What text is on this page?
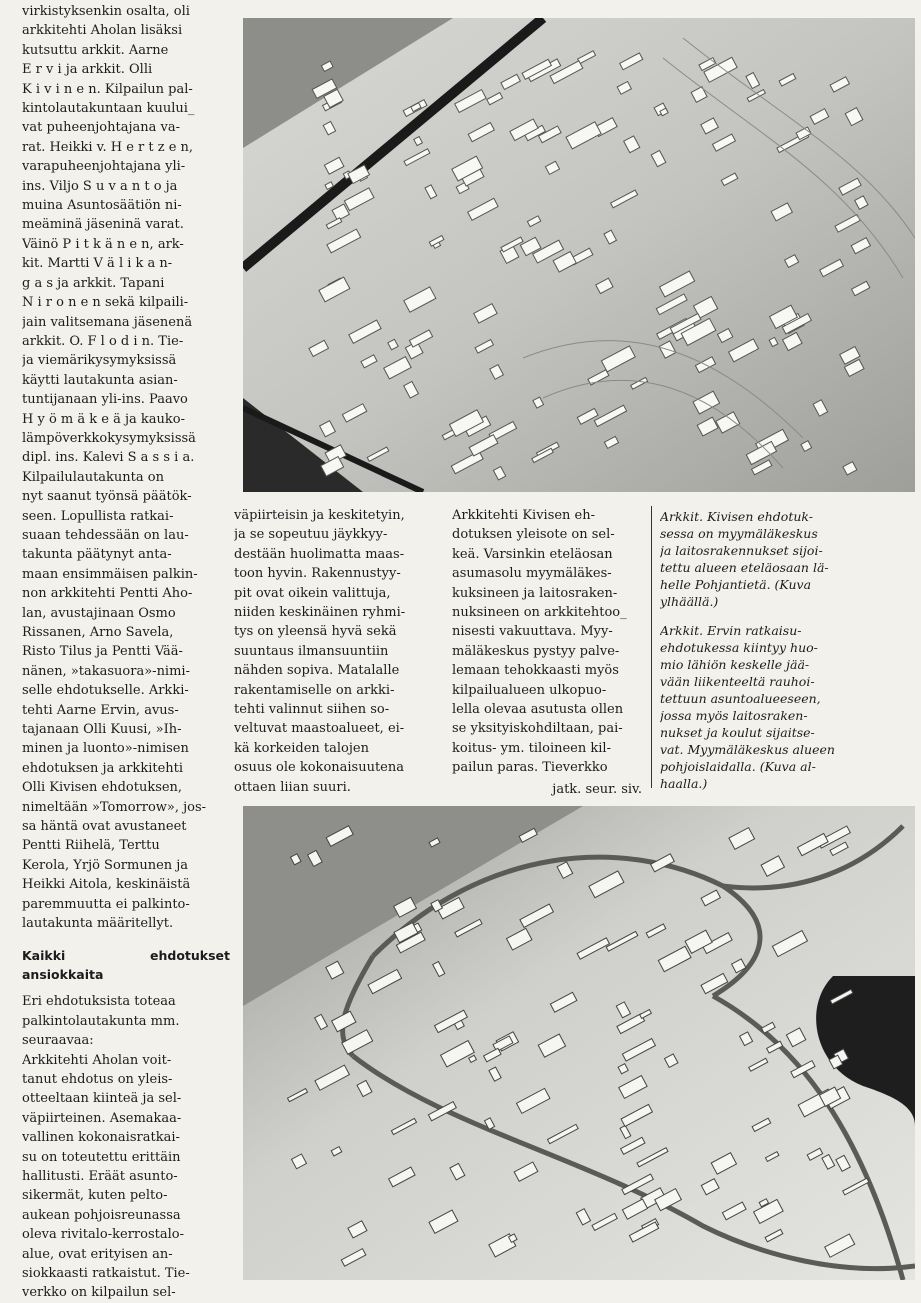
virkistyksenkin osalta, oli
arkkitehti Aholan lisäksi
kutsuttu arkkit. Aarne
E r v i ja arkkit. Olli
K i v i n e n. Kilpailun pal-
kintolautakuntaan kuului_
vat puheenjohtajana va-
rat. Heikki v. H e r t z e n,
varapuheenjohtajana yli-
ins. Viljo S u v a n t o ja
muina Asuntosäätiön ni-
meäminä jäseninä varat.
Väinö P i t k ä n e n, ark-
kit. Martti V ä l i k a n-
g a s ja arkkit. Tapani
N i r o n e n sekä kilpaili-
jain valitsemana jäsenenä
arkkit. O. F l o d i n. Tie-
ja viemärikysymyksissä
käytti lautakunta asian-
tuntijanaan yli-ins. Paavo
H y ö m ä k e ä ja kauko-
lämpöverkkokysymyksissä
dipl. ins. Kalevi S a s s i a.
Kilpailulautakunta on
nyt saanut työnsä päätök-
seen. Lopullista ratkai-
suaan tehdessään on lau-
takunta päätynyt anta-
maan ensimmäisen palkin-
non arkkitehti Pentti Aho-
lan, avustajinaan Osmo
Rissanen, Arno Savela,
Risto Tilus ja Pentti Vää-
nänen, »takasuora»-nimi-
selle ehdotukselle. Arkki-
tehti Aarne Ervin, avus-
tajanaan Olli Kuusi, »Ih-
minen ja luonto»-nimisen
ehdotuksen ja arkkitehti
Olli Kivisen ehdotuksen,
nimeltään »Tomorrow», jos-
sa häntä ovat avustaneet
Pentti Riihelä, Terttu
Kerola, Yrjö Sormunen ja
Heikki Aitola, keskinäistä
paremmuutta ei palkinto-
lautakunta määritellyt.

Kaikki ehdotukset ansiokkaita

Eri ehdotuksista toteaa
palkintolautakunta mm.
seuraavaa:
Arkkitehti Aholan voit-
tanut ehdotus on yleis-
otteeltaan kiinteä ja sel-
väpiirteinen. Asemakaa-
vallinen kokonaisratkai-
su on toteutettu erittäin
hallitusti. Eräät asunto-
sikermät, kuten pelto-
aukean pohjoisreunassa
oleva rivitalo-kerrostalo-
alue, ovat erityisen an-
siokkaasti ratkaistut. Tie-
verkko on kilpailun sel-
väpiirteisin ja keskitetyin,
ja se sopeutuu jäykkyy-
destään huolimatta maas-
toon hyvin. Rakennustyy-
pit ovat oikein valittuja,
niiden keskinäinen ryhmi-
tys on yleensä hyvä sekä
suuntaus ilmansuuntiin
nähden sopiva. Matalalle
rakentamiselle on arkki-
tehti valinnut siihen so-
veltuvat maastoalueet, ei-
kä korkeiden talojen
osuus ole kokonaisuutena
ottaen liian suuri.
Arkkitehti Kivisen eh-
dotuksen yleisote on sel-
keä. Varsinkin eteläosan
asumasolu myymäläkes-
kuksineen ja laitosraken-
nuksineen on arkkitehtoo_
nisesti vakuuttava. Myy-
mäläkeskus pystyy palve-
lemaan tehokkaasti myös
kilpailualueen ulkopuo-
lella olevaa asutusta ollen
se yksityiskohdiltaan, pai-
koitus- ym. tiloineen kil-
pailun paras. Tieverkko

jatk. seur. siv.

Arkkit. Kivisen ehdotuk-
sessa on myymäläkeskus
ja laitosrakennukset sijoi-
tettu alueen eteläosaan lä-
helle Pohjantietä. (Kuva
ylhäällä.)
Arkkit. Ervin ratkaisu-
ehdotukessa kiintyy huo-
mio lähiön keskelle jää-
vään liikenteeltä rauhoi-
tettuun asuntoalueeseen,
jossa myös laitosraken-
nukset ja koulut sijaitse-
vat. Myymäläkeskus alueen
pohjoislaidalla. (Kuva al-
haalla.)
